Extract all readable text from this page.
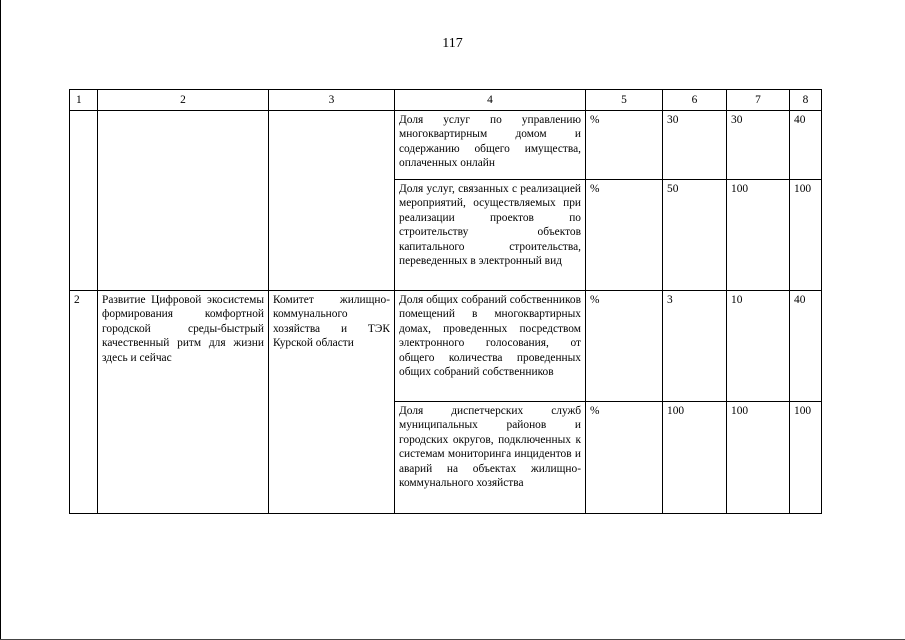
117
1	2	3	4	5	6	7	8
			Доля услуг по управлению многоквартирным домом и содержанию общего имущества, оплаченных онлайн	%	30	30	40
			Доля услуг, связанных с реализацией мероприятий, осуществляемых при реализации проектов по строительству объектов капитального строительства, переведенных в электронный вид	%	50	100	100
2	Развитие Цифровой экосистемы формирования комфортной городской среды-быстрый качественный ритм для жизни здесь и сейчас	Комитет жилищно-коммунального хозяйства и ТЭК Курской области	Доля общих собраний собственников помещений в многоквартирных домах, проведенных посредством электронного голосования, от общего количества проведенных общих собраний собственников	%	3	10	40
			Доля диспетчерских служб муниципальных районов и городских округов, подключенных к системам мониторинга инцидентов и аварий на объектах жилищно-коммунального хозяйства	%	100	100	100
